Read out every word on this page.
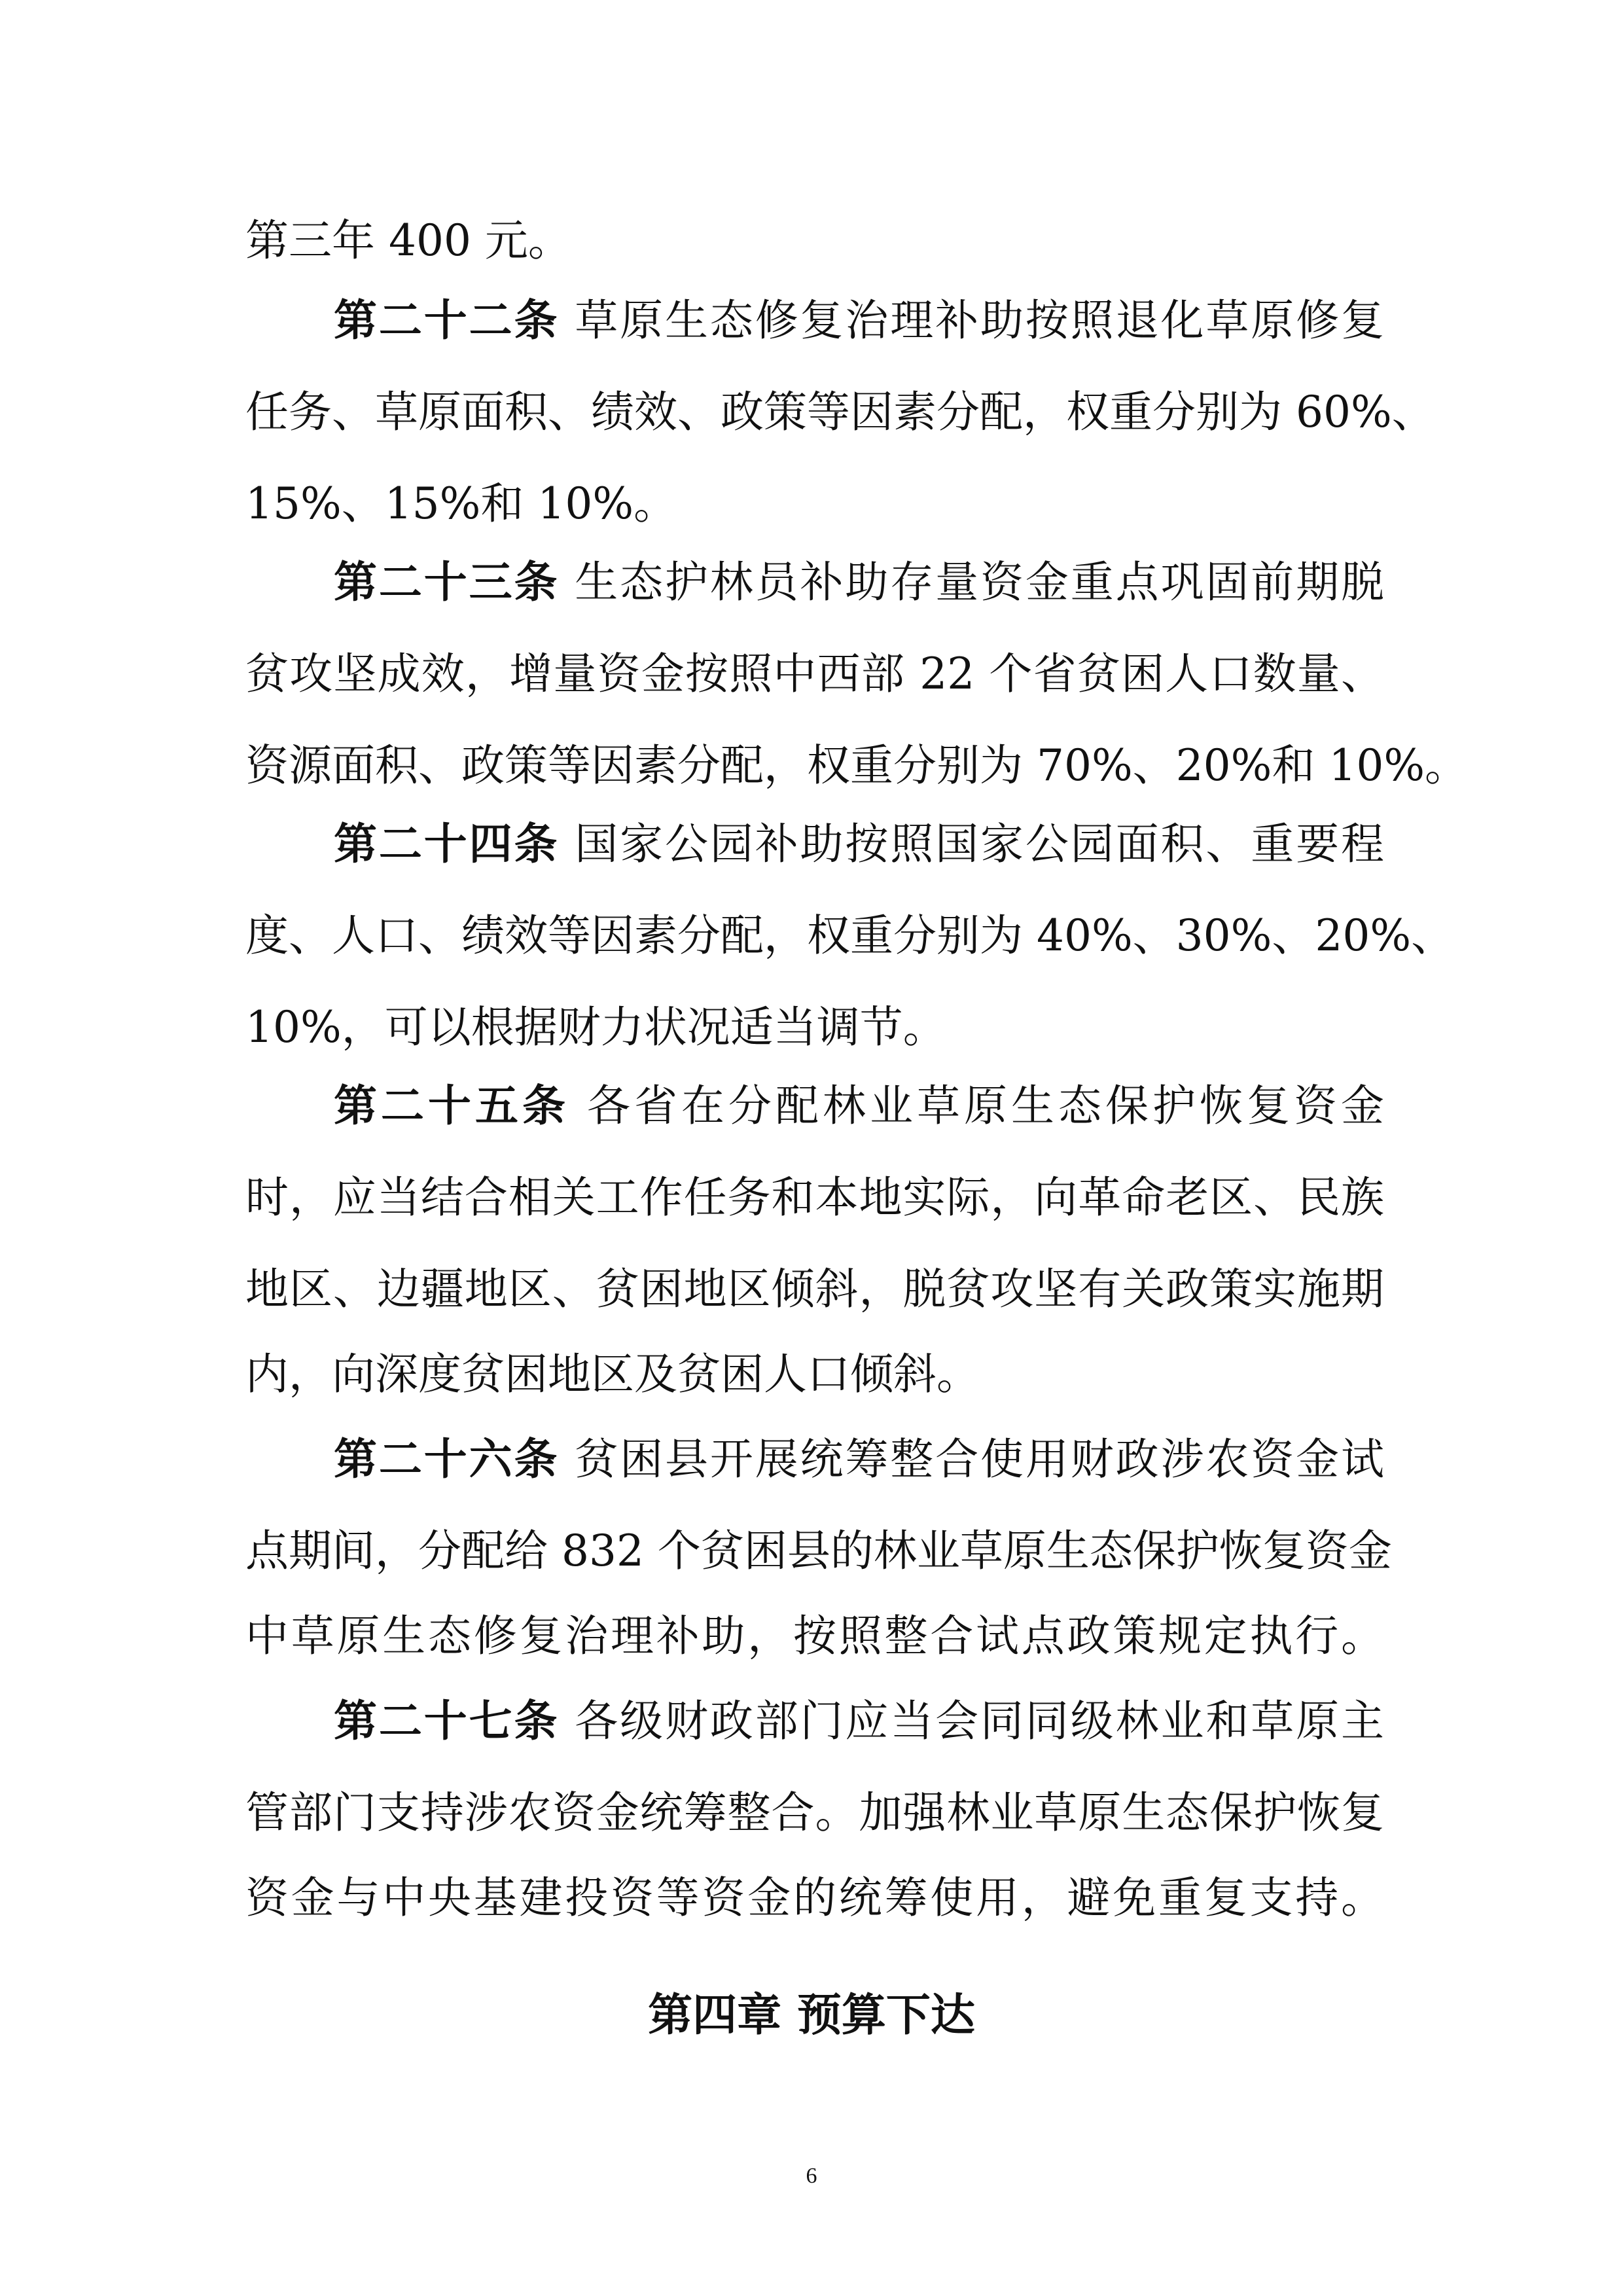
第三年 400 元。
第二十二条 草原生态修复治理补助按照退化草原修复
任务、草原面积、绩效、政策等因素分配，权重分别为 60%、
15%、15%和 10%。
第二十三条 生态护林员补助存量资金重点巩固前期脱
贫攻坚成效，增量资金按照中西部 22 个省贫困人口数量、
资源面积、政策等因素分配，权重分别为 70%、20%和 10%。
第二十四条 国家公园补助按照国家公园面积、重要程
度、人口、绩效等因素分配，权重分别为 40%、30%、20%、
10%，可以根据财力状况适当调节。
第二十五条 各省在分配林业草原生态保护恢复资金
时，应当结合相关工作任务和本地实际，向革命老区、民族
地区、边疆地区、贫困地区倾斜，脱贫攻坚有关政策实施期
内，向深度贫困地区及贫困人口倾斜。
第二十六条 贫困县开展统筹整合使用财政涉农资金试
点期间，分配给 832 个贫困县的林业草原生态保护恢复资金
中草原生态修复治理补助，按照整合试点政策规定执行。
第二十七条 各级财政部门应当会同同级林业和草原主
管部门支持涉农资金统筹整合。加强林业草原生态保护恢复
资金与中央基建投资等资金的统筹使用，避免重复支持。
第四章 预算下达
6
